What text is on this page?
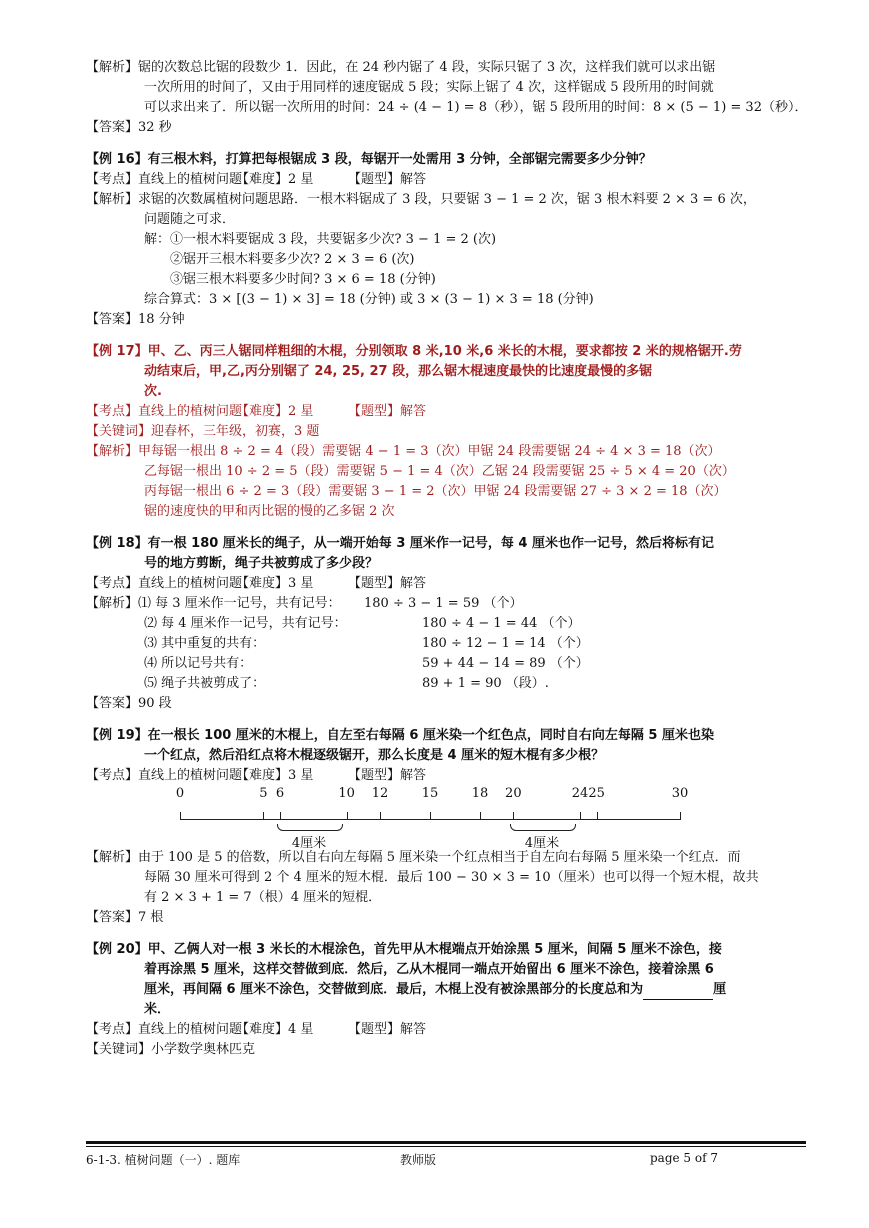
【解析】锯的次数总比锯的段数少 1．因此，在 24 秒内锯了 4 段，实际只锯了 3 次，这样我们就可以求出锯
一次所用的时间了，又由于用同样的速度锯成 5 段；实际上锯了 4 次，这样锯成 5 段所用的时间就
可以求出来了．所以锯一次所用的时间：24 ÷ (4 − 1) = 8（秒），锯 5 段所用的时间：8 × (5 − 1) = 32（秒）．
【答案】32 秒
【例 16】有三根木料，打算把每根锯成 3 段，每锯开一处需用 3 分钟，全部锯完需要多少分钟？
【考点】直线上的植树问题【难度】2 星	【题型】解答
【解析】求锯的次数属植树问题思路．一根木料锯成了 3 段，只要锯 3 − 1 = 2 次，锯 3 根木料要 2 × 3 = 6 次，
问题随之可求．
解：①一根木料要锯成 3 段，共要锯多少次? 3 − 1 = 2 (次)
②锯开三根木料要多少次? 2 × 3 = 6 (次)
③锯三根木料要多少时间? 3 × 6 = 18 (分钟)
综合算式：3 × [(3 − 1) × 3] = 18 (分钟) 或 3 × (3 − 1) × 3 = 18 (分钟)
【答案】18 分钟
【例 17】甲、乙、丙三人锯同样粗细的木棍，分别领取 8 米,10 米,6 米长的木棍，要求都按 2 米的规格锯开.劳
动结束后，甲,乙,丙分别锯了 24, 25, 27 段，那么锯木棍速度最快的比速度最慢的多锯
次.
【考点】直线上的植树问题【难度】2 星	【题型】解答
【关键词】迎春杯，三年级，初赛，3 题
【解析】甲每锯一根出 8 ÷ 2 = 4（段）需要锯 4 − 1 = 3（次）甲锯 24 段需要锯 24 ÷ 4 × 3 = 18（次）
乙每锯一根出 10 ÷ 2 = 5（段）需要锯 5 − 1 = 4（次）乙锯 24 段需要锯 25 ÷ 5 × 4 = 20（次）
丙每锯一根出 6 ÷ 2 = 3（段）需要锯 3 − 1 = 2（次）甲锯 24 段需要锯 27 ÷ 3 × 2 = 18（次）
锯的速度快的甲和丙比锯的慢的乙多锯 2 次
【例 18】有一根 180 厘米长的绳子，从一端开始每 3 厘米作一记号，每 4 厘米也作一记号，然后将标有记
号的地方剪断，绳子共被剪成了多少段？
【考点】直线上的植树问题【难度】3 星	【题型】解答
【解析】⑴ 每 3 厘米作一记号，共有记号：	180 ÷ 3 − 1 = 59 （个）
⑵ 每 4 厘米作一记号，共有记号：	180 ÷ 4 − 1 = 44 （个）
⑶ 其中重复的共有：	180 ÷ 12 − 1 = 14 （个）
⑷ 所以记号共有：	59 + 44 − 14 = 89 （个）
⑸ 绳子共被剪成了：	89 + 1 = 90 （段）.
【答案】90 段
【例 19】在一根长 100 厘米的木棍上，自左至右每隔 6 厘米染一个红色点，同时自右向左每隔 5 厘米也染
一个红点，然后沿红点将木棍逐级锯开，那么长度是 4 厘米的短木棍有多少根？
【考点】直线上的植树问题【难度】3 星	【题型】解答
4厘米	4厘米
0	5 6	10 12	15	18 20	24 25	30
【解析】由于 100 是 5 的倍数，所以自右向左每隔 5 厘米染一个红点相当于自左向右每隔 5 厘米染一个红点．而
每隔 30 厘米可得到 2 个 4 厘米的短木棍．最后 100 − 30 × 3 = 10（厘米）也可以得一个短木棍，故共
有 2 × 3 + 1 = 7（根）4 厘米的短棍．
【答案】7 根
【例 20】甲、乙俩人对一根 3 米长的木棍涂色，首先甲从木棍端点开始涂黑 5 厘米，间隔 5 厘米不涂色，接
着再涂黑 5 厘米，这样交替做到底．然后，乙从木棍同一端点开始留出 6 厘米不涂色，接着涂黑 6
厘米，再间隔 6 厘米不涂色，交替做到底．最后，木棍上没有被涂黑部分的长度总和为	厘
米．
【考点】直线上的植树问题【难度】4 星	【题型】解答
【关键词】小学数学奥林匹克
6-1-3. 植树问题（一）. 题库	教师版	page 5 of 7
